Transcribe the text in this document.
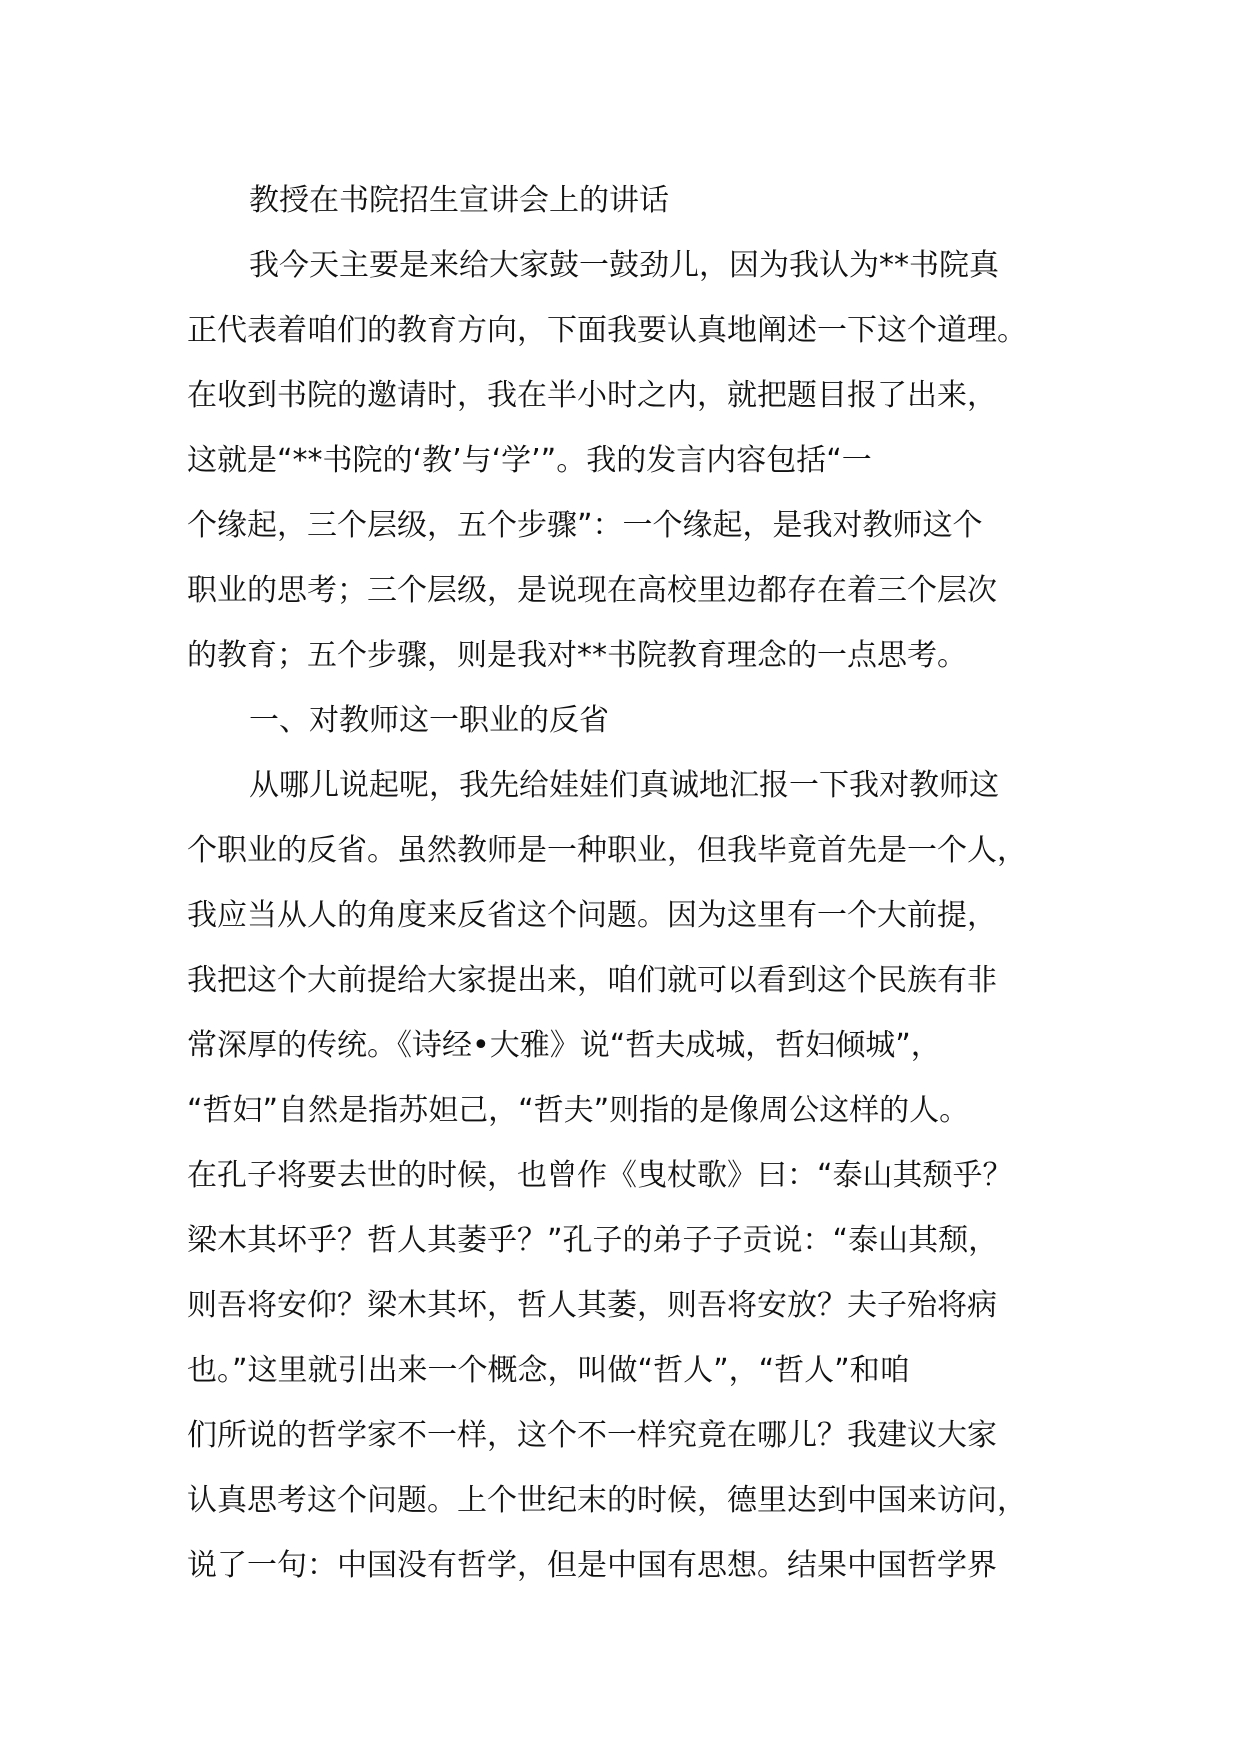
教授在书院招生宣讲会上的讲话
我今天主要是来给大家鼓一鼓劲儿，因为我认为**书院真
正代表着咱们的教育方向，下面我要认真地阐述一下这个道理。
在收到书院的邀请时，我在半小时之内，就把题目报了出来，
这就是“**书院的‘教’与‘学’”。我的发言内容包括“一
个缘起，三个层级，五个步骤”：一个缘起，是我对教师这个
职业的思考；三个层级，是说现在高校里边都存在着三个层次
的教育；五个步骤，则是我对**书院教育理念的一点思考。
一、对教师这一职业的反省
从哪儿说起呢，我先给娃娃们真诚地汇报一下我对教师这
个职业的反省。虽然教师是一种职业，但我毕竟首先是一个人，
我应当从人的角度来反省这个问题。因为这里有一个大前提，
我把这个大前提给大家提出来，咱们就可以看到这个民族有非
常深厚的传统。《诗经•大雅》说“哲夫成城，哲妇倾城”，
“哲妇”自然是指苏妲己，“哲夫”则指的是像周公这样的人。
在孔子将要去世的时候，也曾作《曳杖歌》曰：“泰山其颓乎？
梁木其坏乎？哲人其萎乎？”孔子的弟子子贡说：“泰山其颓，
则吾将安仰？梁木其坏，哲人其萎，则吾将安放？夫子殆将病
也。”这里就引出来一个概念，叫做“哲人”，“哲人”和咱
们所说的哲学家不一样，这个不一样究竟在哪儿？我建议大家
认真思考这个问题。上个世纪末的时候，德里达到中国来访问，
说了一句：中国没有哲学，但是中国有思想。结果中国哲学界
